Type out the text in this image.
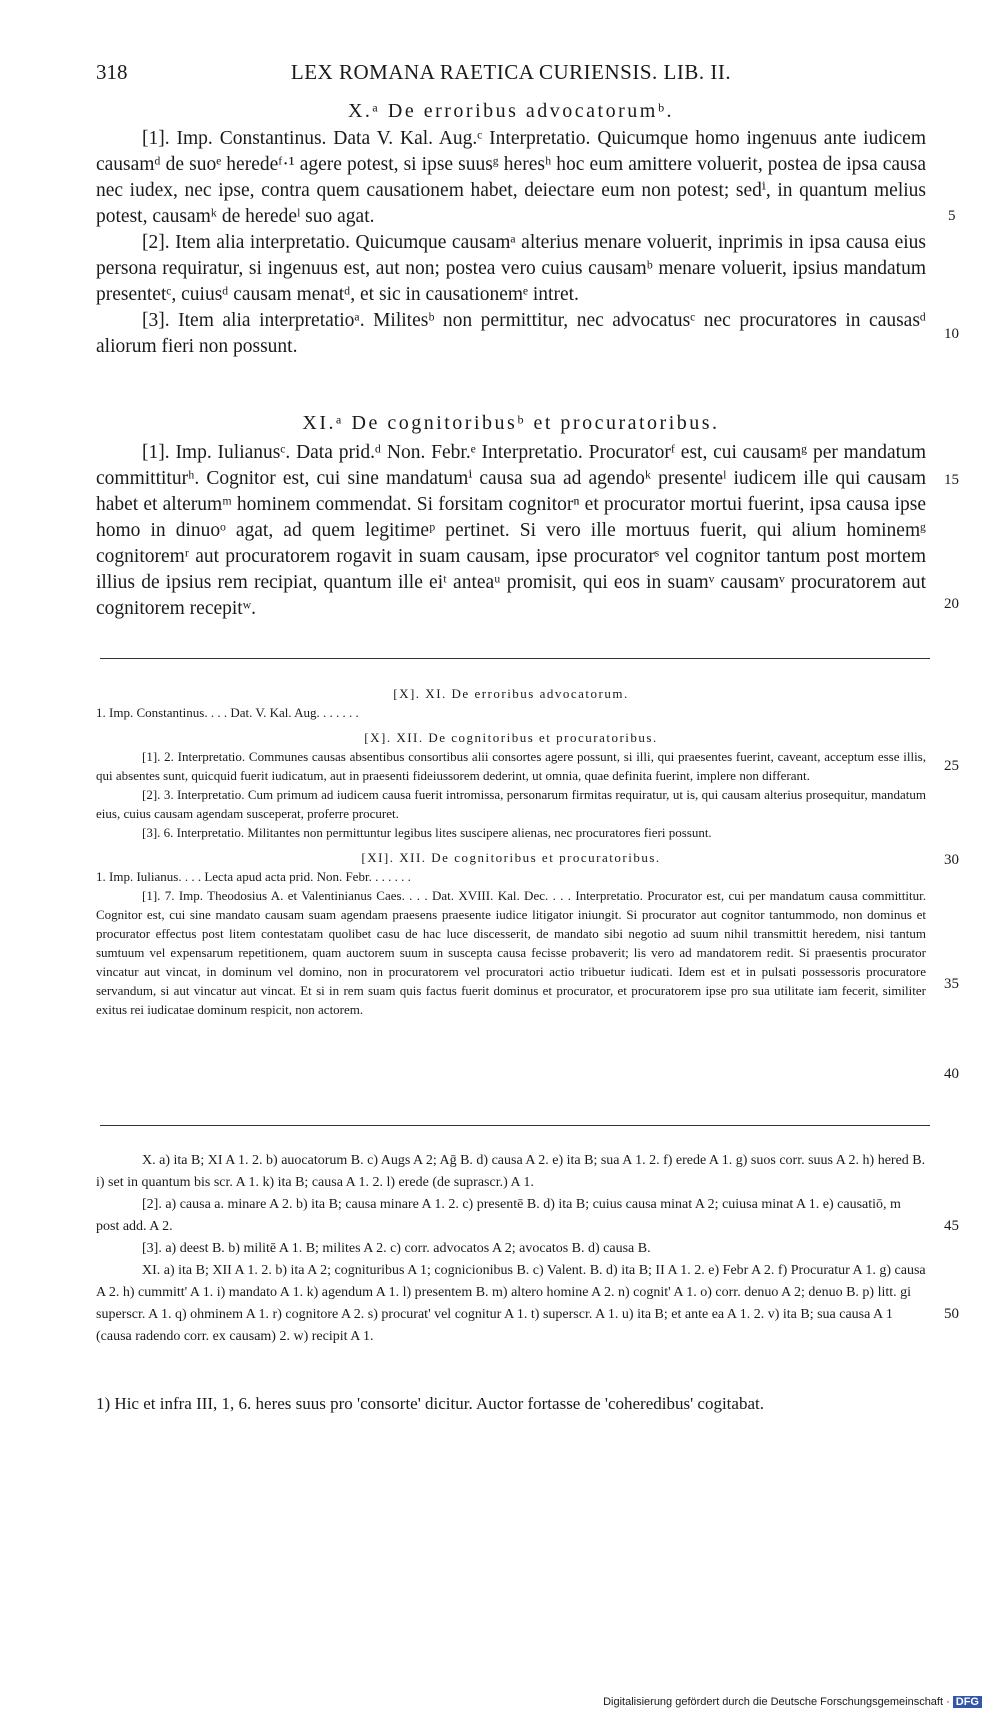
318	LEX ROMANA RAETICA CURIENSIS. LIB. II.
X.ᵃ De erroribus advocatorumᵇ.

[1]. Imp. Constantinus. Data V. Kal. Aug.ᶜ Interpretatio. Quicumque homo ingenuus ante iudicem causamᵈ de suoᵉ heredeᶠ·¹ agere potest, si ipse suusᵍ heresʰ hoc eum amittere voluerit, postea de ipsa causa nec iudex, nec ipse, contra quem causationem habet, deiectare eum non potest; sedⁱ, in quantum melius potest, causamᵏ de heredeˡ suo agat.

[2]. Item alia interpretatio. Quicumque causamᵃ alterius menare voluerit, inprimis in ipsa causa eius persona requiratur, si ingenuus est, aut non; postea vero cuius causamᵇ menare voluerit, ipsius mandatum presentetᶜ, cuiusᵈ causam menatᵈ, et sic in causationemᵉ intret.

[3]. Item alia interpretatioᵃ. Militesᵇ non permittitur, nec advocatusᶜ nec procuratores in causasᵈ aliorum fieri non possunt.

XI.ᵃ De cognitoribusᵇ et procuratoribus.

[1]. Imp. Iulianusᶜ. Data prid.ᵈ Non. Febr.ᵉ Interpretatio. Procuratorᶠ est, cui causamᵍ per mandatum committiturʰ. Cognitor est, cui sine mandatumⁱ causa sua ad agendoᵏ presenteˡ iudicem ille qui causam habet et alterumᵐ hominem commendat. Si forsitam cognitorⁿ et procurator mortui fuerint, ipsa causa ipse homo in dinuoᵒ agat, ad quem legitimeᵖ pertinet. Si vero ille mortuus fuerit, qui alium hominemᵍ cognitoremʳ aut procuratorem rogavit in suam causam, ipse procuratorˢ vel cognitor tantum post mortem illius de ipsius rem recipiat, quantum ille eiᵗ anteaᵘ promisit, qui eos in suamᵛ causamᵛ procuratorem aut cognitorem recepitʷ.

[X]. XI. De erroribus advocatorum.

1. Imp. Constantinus. . . . Dat. V. Kal. Aug. . . . . . .

[X]. XII. De cognitoribus et procuratoribus.

[1]. 2. Interpretatio. Communes causas absentibus consortibus alii consortes agere possunt, si illi, qui praesentes fuerint, caveant, acceptum esse illis, qui absentes sunt, quicquid fuerit iudicatum, aut in praesenti fideiussorem dederint, ut omnia, quae definita fuerint, implere non differant.

[2]. 3. Interpretatio. Cum primum ad iudicem causa fuerit intromissa, personarum firmitas requiratur, ut is, qui causam alterius prosequitur, mandatum eius, cuius causam agendam susceperat, proferre procuret.

[3]. 6. Interpretatio. Militantes non permittuntur legibus lites suscipere alienas, nec procuratores fieri possunt.

[XI]. XII. De cognitoribus et procuratoribus.

1. Imp. Iulianus. . . . Lecta apud acta prid. Non. Febr. . . . . . .

[1]. 7. Imp. Theodosius A. et Valentinianus Caes. . . . Dat. XVIII. Kal. Dec. . . . Interpretatio. Procurator est, cui per mandatum causa committitur. Cognitor est, cui sine mandato causam suam agendam praesens praesente iudice litigator iniungit. Si procurator aut cognitor tantummodo, non dominus et procurator effectus post litem contestatam quolibet casu de hac luce discesserit, de mandato sibi negotio ad suum nihil transmittit heredem, nisi tantum sumtuum vel expensarum repetitionem, quam auctorem suum in suscepta causa fecisse probaverit; lis vero ad mandatorem redit. Si praesentis procurator vincatur aut vincat, in dominum vel domino, non in procuratorem vel procuratori actio tribuetur iudicati. Idem est et in pulsati possessoris procuratore servandum, si aut vincatur aut vincat. Et si in rem suam quis factus fuerit dominus et procurator, et procuratorem ipse pro sua utilitate iam fecerit, similiter exitus rei iudicatae dominum respicit, non actorem.

X. a) ita B; XI A 1. 2. b) auocatorum B. c) Augs A 2; Aḡ B. d) causa A 2. e) ita B; sua A 1. 2. f) erede A 1. g) suos corr. suus A 2. h) hered B. i) set in quantum bis scr. A 1. k) ita B; causa A 1. 2. l) erede (de suprascr.) A 1.

[2]. a) causa a. minare A 2. b) ita B; causa minare A 1. 2. c) presentē B. d) ita B; cuius causa minat A 2; cuiusa minat A 1. e) causatiō, m post add. A 2.

[3]. a) deest B. b) militē A 1. B; milites A 2. c) corr. advocatos A 2; avocatos B. d) causa B.

XI. a) ita B; XII A 1. 2. b) ita A 2; cognituribus A 1; cognicionibus B. c) Valent. B. d) ita B; II A 1. 2. e) Febr A 2. f) Procuratur A 1. g) causa A 2. h) cummitt' A 1. i) mandato A 1. k) agendum A 1. l) presentem B. m) altero homine A 2. n) cognit' A 1. o) corr. denuo A 2; denuo B. p) litt. gi superscr. A 1. q) ohminem A 1. r) cognitore A 2. s) procurat' vel cognitur A 1. t) superscr. A 1. u) ita B; et ante ea A 1. 2. v) ita B; sua causa A 1 (causa radendo corr. ex causam) 2. w) recipit A 1.

1) Hic et infra III, 1, 6. heres suus pro 'consorte' dicitur. Auctor fortasse de 'coheredibus' cogitabat.
5
10
15
20
25
30
35
40
45
50
Digitalisierung gefördert durch die Deutsche Forschungsgemeinschaft · DFG
